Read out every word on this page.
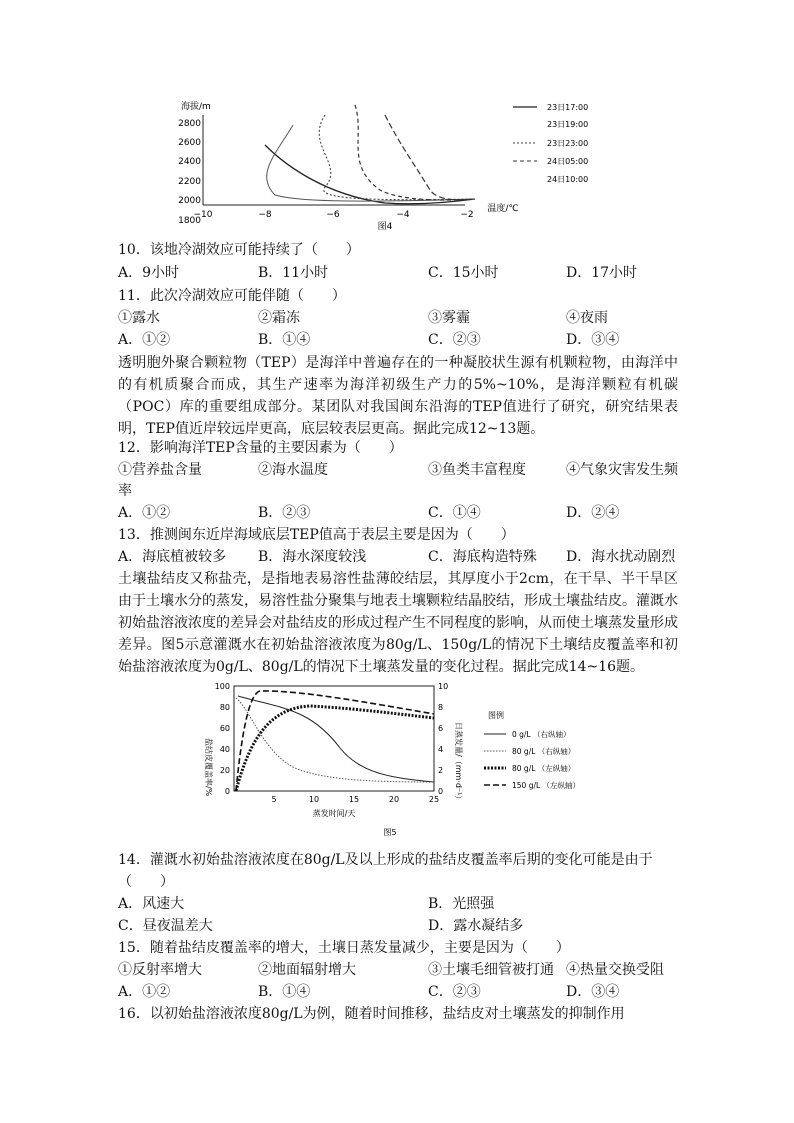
海拔/m
2800
2600
2400
2200
2000
1800
−10	−8	−6	−4	−2
温度/℃
图4
23日17:00
23日19:00
23日23:00
24日05:00
24日10:00
10．该地冷湖效应可能持续了（　　）
A．9小时	B．11小时	C．15小时	D．17小时
11．此次冷湖效应可能伴随（　　）
①露水	②霜冻	③雾霾	④夜雨
A．①②	B．①④	C．②③	D．③④
透明胞外聚合颗粒物（TEP）是海洋中普遍存在的一种凝胶状生源有机颗粒物，由海洋中的有机质聚合而成，其生产速率为海洋初级生产力的5%~10%，是海洋颗粒有机碳（POC）库的重要组成部分。某团队对我国闽东沿海的TEP值进行了研究，研究结果表明，TEP值近岸较远岸更高，底层较表层更高。据此完成12~13题。
12．影响海洋TEP含量的主要因素为（　　）
①营养盐含量	②海水温度	③鱼类丰富程度	④气象灾害发生频
率
A．①②	B．②③	C．①④	D．②④
13．推测闽东近岸海域底层TEP值高于表层主要是因为（　　）
A．海底植被较多 B．海水深度较浅	C．海底构造特殊 D．海水扰动剧烈
土壤盐结皮又称盐壳，是指地表易溶性盐薄皎结层，其厚度小于2cm，在干旱、半干旱区由于土壤水分的蒸发，易溶性盐分聚集与地表土壤颗粒结晶胶结，形成土壤盐结皮。灌溉水初始盐溶液浓度的差异会对盐结皮的形成过程产生不同程度的影响，从而使土壤蒸发量形成差异。图5示意灌溉水在初始盐溶液浓度为80g/L、150g/L的情况下土壤结皮覆盖率和初始盐溶液浓度为0g/L、80g/L的情况下土壤蒸发量的变化过程。据此完成14~16题。
盐结皮覆盖率/%
100
80
60
40
20
0
10
8
6
4
2
0 日蒸发量/（mm·d⁻¹）
5	10	15	20	25
蒸发时间/天
图5
图例
0 g/L （右纵轴）
80 g/L （右纵轴）
80 g/L （左纵轴）
150 g/L （左纵轴）
14．灌溉水初始盐溶液浓度在80g/L及以上形成的盐结皮覆盖率后期的变化可能是由于
（　　）
A．风速大	B．光照强
C．昼夜温差大	D．露水凝结多
15．随着盐结皮覆盖率的增大，土壤日蒸发量减少，主要是因为（　　）
①反射率增大	②地面辐射增大	③土壤毛细管被打通 ④热量交换受阻
A．①②	B．①④	C．②③	D．③④
16．以初始盐溶液浓度80g/L为例，随着时间推移，盐结皮对土壤蒸发的抑制作用
